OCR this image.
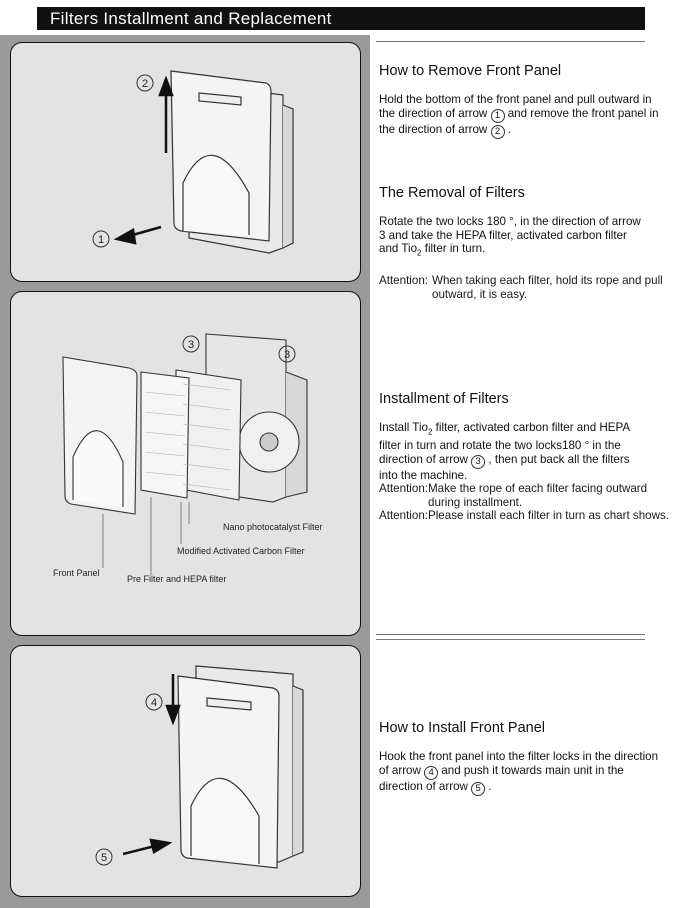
Filters Installment and Replacement
2
1
3
3
Nano photocatalyst Filter
Modified Activated Carbon Filter
Front Panel
Pre Filter and HEPA filter
4
5
How to Remove Front Panel

Hold the bottom of the front panel and pull outward in the direction of arrow 1 and remove the front panel in the direction of arrow 2 .

The Removal of Filters

Rotate the two locks 180 °, in the direction of arrow 3 and take the HEPA filter, activated carbon filter and Tio$_2$ filter in turn.

Attention: When taking each filter, hold its rope and pull outward, it is easy.
Installment of Filters

Install Tio$_2$ filter, activated carbon filter and HEPA filter in turn and rotate the two locks180 ° in the direction of arrow 3 , then put back all the filters into the machine.

Attention: Make the rope of each filter facing outward during installment.
Attention: Please install each filter in turn as chart shows.
How to Install Front Panel

Hook the front panel into the filter locks in the direction of arrow 4 and push it towards main unit in the direction of arrow 5 .
